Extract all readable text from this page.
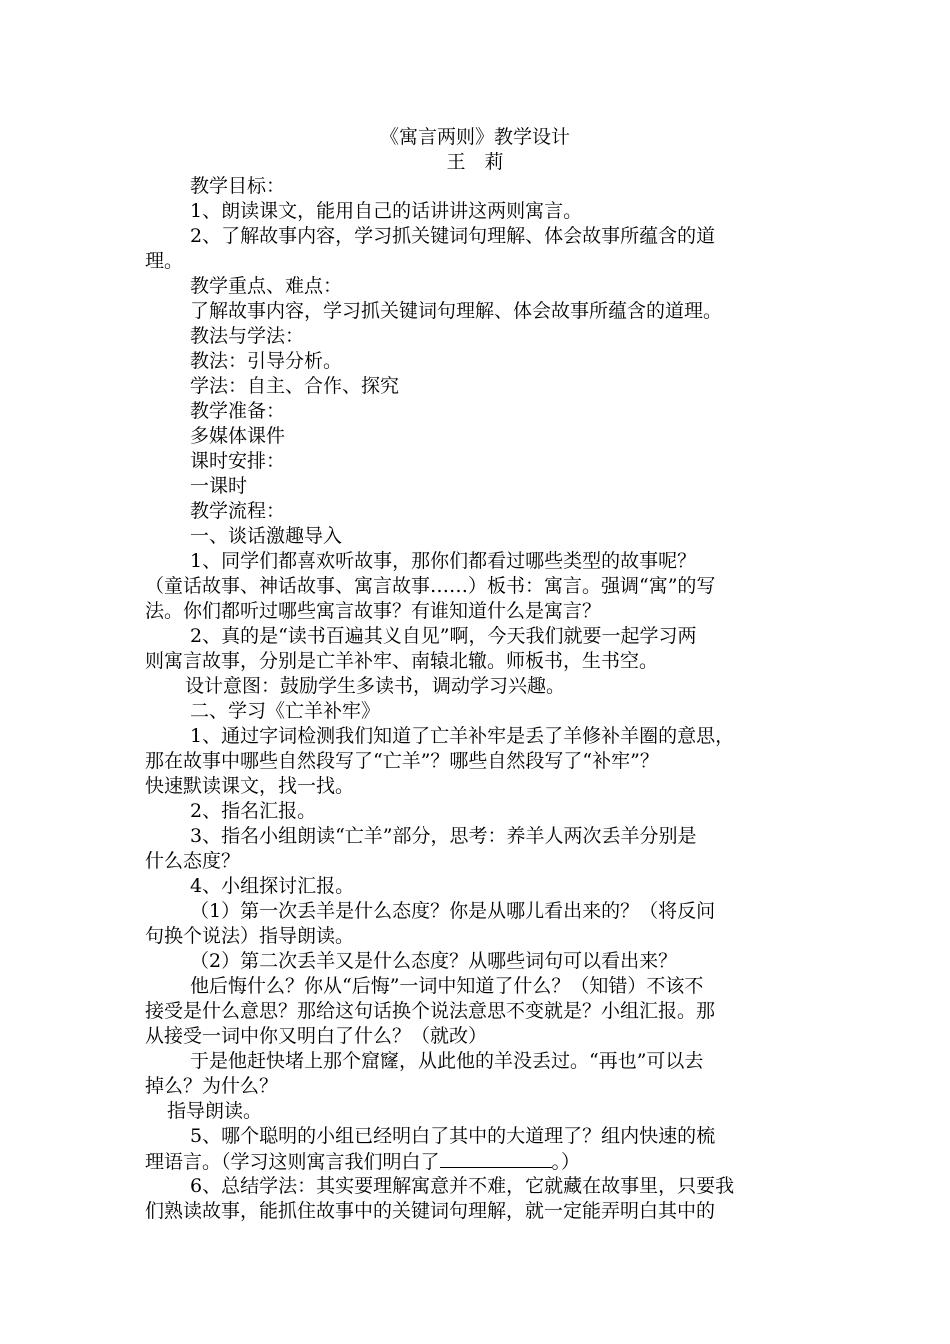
《寓言两则》教学设计
王　莉
教学目标：
1、朗读课文，能用自己的话讲讲这两则寓言。
2、了解故事内容，学习抓关键词句理解、体会故事所蕴含的道
理。
教学重点、难点：
了解故事内容，学习抓关键词句理解、体会故事所蕴含的道理。
教法与学法：
教法：引导分析。
学法：自主、合作、探究
教学准备：
多媒体课件
课时安排：
一课时
教学流程：
一、谈话激趣导入
1、同学们都喜欢听故事，那你们都看过哪些类型的故事呢？
（童话故事、神话故事、寓言故事……）板书：寓言。强调“寓”的写
法。你们都听过哪些寓言故事？有谁知道什么是寓言？
2、真的是“读书百遍其义自见”啊，今天我们就要一起学习两
则寓言故事，分别是亡羊补牢、南辕北辙。师板书，生书空。
设计意图：鼓励学生多读书，调动学习兴趣。
二、学习《亡羊补牢》
1、通过字词检测我们知道了亡羊补牢是丢了羊修补羊圈的意思，
那在故事中哪些自然段写了“亡羊”？哪些自然段写了“补牢”？
快速默读课文，找一找。
2、指名汇报。
3、指名小组朗读“亡羊”部分，思考：养羊人两次丢羊分别是
什么态度？
4、小组探讨汇报。
（1）第一次丢羊是什么态度？你是从哪儿看出来的？（将反问
句换个说法）指导朗读。
（2）第二次丢羊又是什么态度？从哪些词句可以看出来？
他后悔什么？你从“后悔”一词中知道了什么？（知错）不该不
接受是什么意思？那给这句话换个说法意思不变就是？小组汇报。那
从接受一词中你又明白了什么？（就改）
于是他赶快堵上那个窟窿，从此他的羊没丢过。“再也”可以去
掉么？为什么？
指导朗读。
5、哪个聪明的小组已经明白了其中的大道理了？组内快速的梳
理语言。（学习这则寓言我们明白了	。）
6、总结学法：其实要理解寓意并不难，它就藏在故事里，只要我
们熟读故事，能抓住故事中的关键词句理解，就一定能弄明白其中的
